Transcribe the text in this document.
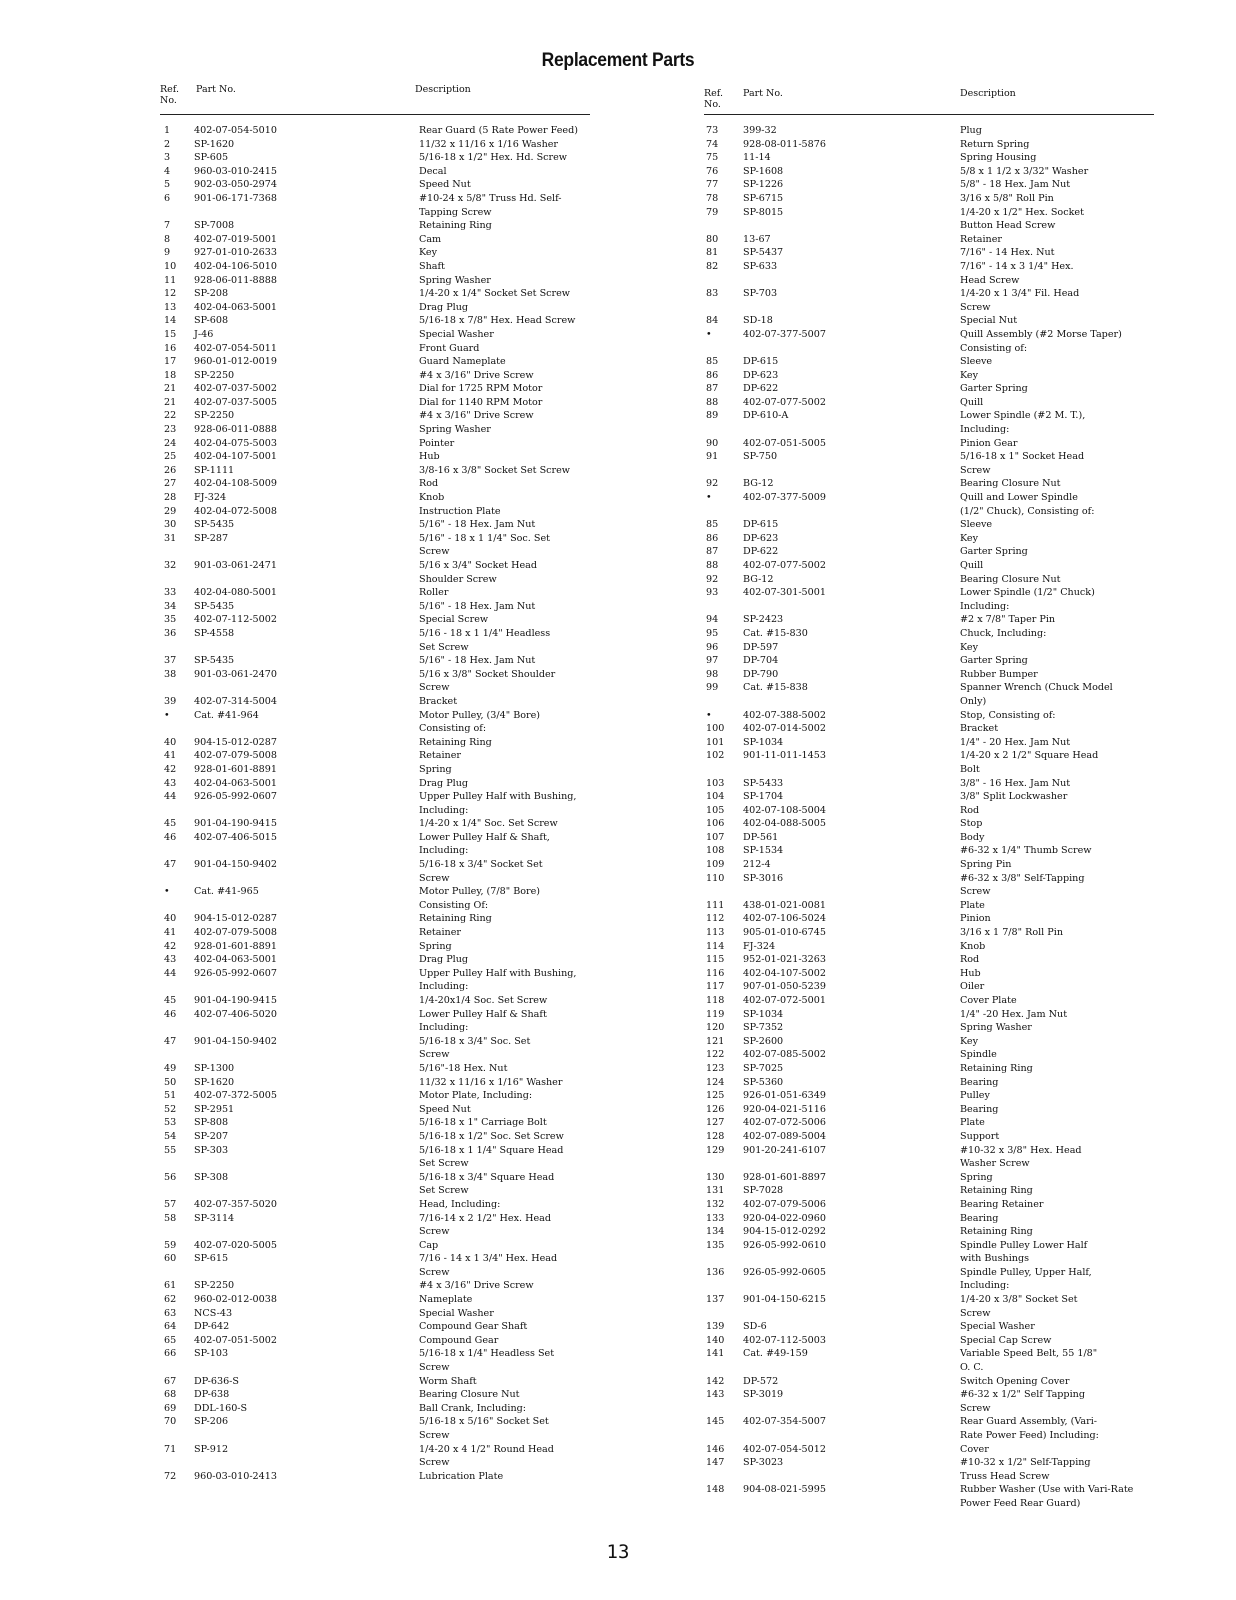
Replacement Parts
Ref.
No.
Part No.	Description
1 402-07-054-5010	Rear Guard (5 Rate Power Feed)
2 SP-1620	11/32 x 11/16 x 1/16 Washer
3 SP-605	5/16-18 x 1/2" Hex. Hd. Screw
4 960-03-010-2415	Decal
5 902-03-050-2974	Speed Nut
6 901-06-171-7368	#10-24 x 5/8" Truss Hd. Self-
Tapping Screw
7 SP-7008	Retaining Ring
8 402-07-019-5001	Cam
9 927-01-010-2633	Key
10 402-04-106-5010	Shaft
11 928-06-011-8888	Spring Washer
12 SP-208	1/4-20 x 1/4" Socket Set Screw
13 402-04-063-5001	Drag Plug
14 SP-608	5/16-18 x 7/8" Hex. Head Screw
15 J-46	Special Washer
16 402-07-054-5011	Front Guard
17 960-01-012-0019	Guard Nameplate
18 SP-2250	#4 x 3/16" Drive Screw
21 402-07-037-5002	Dial for 1725 RPM Motor
21 402-07-037-5005	Dial for 1140 RPM Motor
22 SP-2250	#4 x 3/16" Drive Screw
23 928-06-011-0888	Spring Washer
24 402-04-075-5003	Pointer
25 402-04-107-5001	Hub
26 SP-1111	3/8-16 x 3/8" Socket Set Screw
27 402-04-108-5009	Rod
28 FJ-324	Knob
29 402-04-072-5008	Instruction Plate
30 SP-5435	5/16" - 18 Hex. Jam Nut
31 SP-287	5/16" - 18 x 1 1/4" Soc. Set
Screw
32 901-03-061-2471	5/16 x 3/4" Socket Head
Shoulder Screw
33 402-04-080-5001	Roller
34 SP-5435	5/16" - 18 Hex. Jam Nut
35 402-07-112-5002	Special Screw
36 SP-4558	5/16 - 18 x 1 1/4" Headless
Set Screw
37 SP-5435	5/16" - 18 Hex. Jam Nut
38 901-03-061-2470	5/16 x 3/8" Socket Shoulder
Screw
39 402-07-314-5004	Bracket
•	Cat. #41-964	Motor Pulley, (3/4" Bore)
Consisting of:
40 904-15-012-0287	Retaining Ring
41 402-07-079-5008	Retainer
42 928-01-601-8891	Spring
43 402-04-063-5001	Drag Plug
44 926-05-992-0607	Upper Pulley Half with Bushing,
Including:
45 901-04-190-9415	1/4-20 x 1/4" Soc. Set Screw
46 402-07-406-5015	Lower Pulley Half & Shaft,
Including:
47 901-04-150-9402	5/16-18 x 3/4" Socket Set
Screw
•	Cat. #41-965	Motor Pulley, (7/8" Bore)
Consisting Of:
40 904-15-012-0287	Retaining Ring
41 402-07-079-5008	Retainer
42 928-01-601-8891	Spring
43 402-04-063-5001	Drag Plug
44 926-05-992-0607	Upper Pulley Half with Bushing,
Including:
45 901-04-190-9415	1/4-20x1/4 Soc. Set Screw
46 402-07-406-5020	Lower Pulley Half & Shaft
Including:
47 901-04-150-9402	5/16-18 x 3/4" Soc. Set
Screw
49 SP-1300	5/16"-18 Hex. Nut
50 SP-1620	11/32 x 11/16 x 1/16" Washer
51 402-07-372-5005	Motor Plate, Including:
52 SP-2951	Speed Nut
53 SP-808	5/16-18 x 1" Carriage Bolt
54 SP-207	5/16-18 x 1/2" Soc. Set Screw
55 SP-303	5/16-18 x 1 1/4" Square Head
Set Screw
56 SP-308	5/16-18 x 3/4" Square Head
Set Screw
57 402-07-357-5020	Head, Including:
58 SP-3114	7/16-14 x 2 1/2" Hex. Head
Screw
59 402-07-020-5005	Cap
60 SP-615	7/16 - 14 x 1 3/4" Hex. Head
Screw
61 SP-2250	#4 x 3/16" Drive Screw
62 960-02-012-0038	Nameplate
63 NCS-43	Special Washer
64 DP-642	Compound Gear Shaft
65 402-07-051-5002	Compound Gear
66 SP-103	5/16-18 x 1/4" Headless Set
Screw
67 DP-636-S	Worm Shaft
68 DP-638	Bearing Closure Nut
69 DDL-160-S	Ball Crank, Including:
70 SP-206	5/16-18 x 5/16" Socket Set
Screw
71 SP-912	1/4-20 x 4 1/2" Round Head
Screw
72 960-03-010-2413	Lubrication Plate
Ref.
No.
Part No.	Description
73	399-32	Plug
74	928-08-011-5876	Return Spring
75	11-14	Spring Housing
76	SP-1608	5/8 x 1 1/2 x 3/32" Washer
77	SP-1226	5/8" - 18 Hex. Jam Nut
78	SP-6715	3/16 x 5/8" Roll Pin
79	SP-8015	1/4-20 x 1/2" Hex. Socket
Button Head Screw
80	13-67	Retainer
81	SP-5437	7/16" - 14 Hex. Nut
82	SP-633	7/16" - 14 x 3 1/4" Hex.
Head Screw
83	SP-703	1/4-20 x 1 3/4" Fil. Head
Screw
84	SD-18	Special Nut
•	402-07-377-5007	Quill Assembly (#2 Morse Taper)
Consisting of:
85	DP-615	Sleeve
86	DP-623	Key
87	DP-622	Garter Spring
88	402-07-077-5002	Quill
89	DP-610-A	Lower Spindle (#2 M. T.),
Including:
90	402-07-051-5005	Pinion Gear
91	SP-750	5/16-18 x 1" Socket Head
Screw
92	BG-12	Bearing Closure Nut
•	402-07-377-5009	Quill and Lower Spindle
(1/2" Chuck), Consisting of:
85	DP-615	Sleeve
86	DP-623	Key
87	DP-622	Garter Spring
88	402-07-077-5002	Quill
92	BG-12	Bearing Closure Nut
93	402-07-301-5001	Lower Spindle (1/2" Chuck)
Including:
94	SP-2423	#2 x 7/8" Taper Pin
95	Cat. #15-830	Chuck, Including:
96	DP-597	Key
97	DP-704	Garter Spring
98	DP-790	Rubber Bumper
99	Cat. #15-838	Spanner Wrench (Chuck Model
Only)
•	402-07-388-5002	Stop, Consisting of:
100 402-07-014-5002	Bracket
101 SP-1034	1/4" - 20 Hex. Jam Nut
102 901-11-011-1453	1/4-20 x 2 1/2" Square Head
Bolt
103 SP-5433	3/8" - 16 Hex. Jam Nut
104 SP-1704	3/8" Split Lockwasher
105 402-07-108-5004	Rod
106 402-04-088-5005	Stop
107 DP-561	Body
108 SP-1534	#6-32 x 1/4" Thumb Screw
109 212-4	Spring Pin
110 SP-3016	#6-32 x 3/8" Self-Tapping
Screw
111 438-01-021-0081	Plate
112 402-07-106-5024	Pinion
113 905-01-010-6745	3/16 x 1 7/8" Roll Pin
114 FJ-324	Knob
115 952-01-021-3263	Rod
116 402-04-107-5002	Hub
117 907-01-050-5239	Oiler
118 402-07-072-5001	Cover Plate
119 SP-1034	1/4" -20 Hex. Jam Nut
120 SP-7352	Spring Washer
121 SP-2600	Key
122 402-07-085-5002	Spindle
123 SP-7025	Retaining Ring
124 SP-5360	Bearing
125 926-01-051-6349	Pulley
126 920-04-021-5116	Bearing
127 402-07-072-5006	Plate
128 402-07-089-5004	Support
129 901-20-241-6107	#10-32 x 3/8" Hex. Head
Washer Screw
130 928-01-601-8897	Spring
131 SP-7028	Retaining Ring
132 402-07-079-5006	Bearing Retainer
133 920-04-022-0960	Bearing
134 904-15-012-0292	Retaining Ring
135 926-05-992-0610	Spindle Pulley Lower Half
with Bushings
136 926-05-992-0605	Spindle Pulley, Upper Half,
Including:
137 901-04-150-6215	1/4-20 x 3/8" Socket Set
Screw
139 SD-6	Special Washer
140 402-07-112-5003	Special Cap Screw
141 Cat. #49-159	Variable Speed Belt, 55 1/8"
O. C.
142 DP-572	Switch Opening Cover
143 SP-3019	#6-32 x 1/2" Self Tapping
Screw
145 402-07-354-5007	Rear Guard Assembly, (Vari-
Rate Power Feed) Including:
146 402-07-054-5012	Cover
147 SP-3023	#10-32 x 1/2" Self-Tapping
Truss Head Screw
148 904-08-021-5995	Rubber Washer (Use with Vari-Rate
Power Feed Rear Guard)
13
